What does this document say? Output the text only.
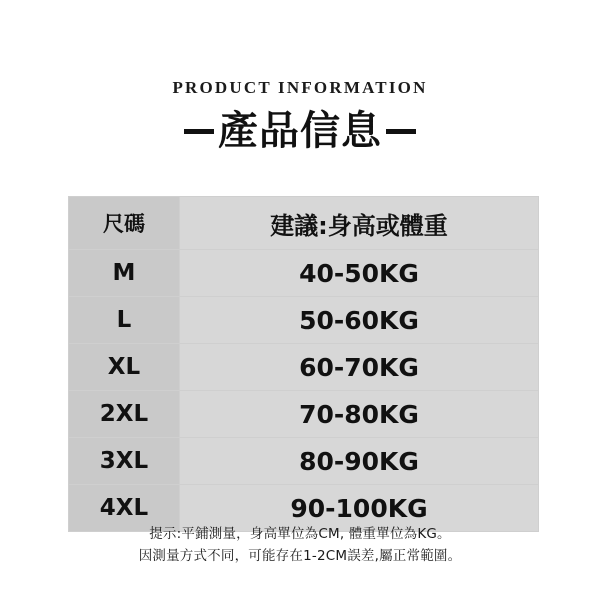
PRODUCT INFORMATION
產品信息
尺碼	建議:身高或體重
M	40-50KG
L	50-60KG
XL	60-70KG
2XL	70-80KG
3XL	80-90KG
4XL	90-100KG
提示:平鋪測量，身高單位為CM, 體重單位為KG。
因測量方式不同，可能存在1-2CM誤差,屬正常範圍。
